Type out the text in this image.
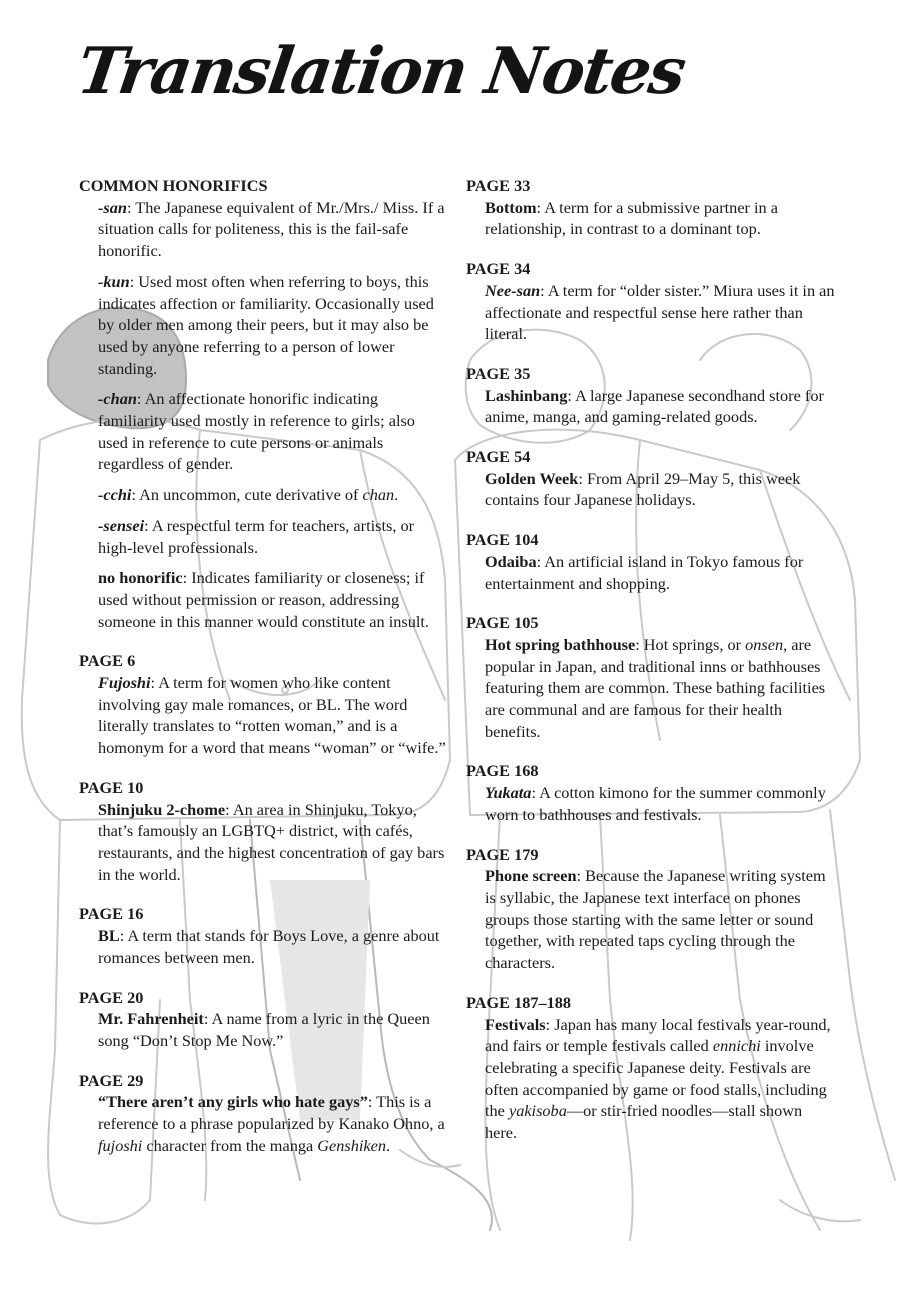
Translation Notes
COMMON HONORIFICS
-san: The Japanese equivalent of Mr./Mrs./ Miss. If a situation calls for politeness, this is the fail-safe honorific.
-kun: Used most often when referring to boys, this indicates affection or familiarity. Occasionally used by older men among their peers, but it may also be used by anyone referring to a person of lower standing.
-chan: An affectionate honorific indicating familiarity used mostly in reference to girls; also used in reference to cute persons or animals regardless of gender.
-cchi: An uncommon, cute derivative of chan.
-sensei: A respectful term for teachers, artists, or high-level professionals.
no honorific: Indicates familiarity or closeness; if used without permission or reason, addressing someone in this manner would constitute an insult.
PAGE 6
Fujoshi: A term for women who like content involving gay male romances, or BL. The word literally translates to “rotten woman,” and is a homonym for a word that means “woman” or “wife.”
PAGE 10
Shinjuku 2-chome: An area in Shinjuku, Tokyo, that’s famously an LGBTQ+ district, with cafés, restaurants, and the highest concentration of gay bars in the world.
PAGE 16
BL: A term that stands for Boys Love, a genre about romances between men.
PAGE 20
Mr. Fahrenheit: A name from a lyric in the Queen song “Don’t Stop Me Now.”
PAGE 29
“There aren’t any girls who hate gays”: This is a reference to a phrase popularized by Kanako Ohno, a fujoshi character from the manga Genshiken.
PAGE 33
Bottom: A term for a submissive partner in a relationship, in contrast to a dominant top.
PAGE 34
Nee-san: A term for “older sister.” Miura uses it in an affectionate and respectful sense here rather than literal.
PAGE 35
Lashinbang: A large Japanese secondhand store for anime, manga, and gaming-related goods.
PAGE 54
Golden Week: From April 29–May 5, this week contains four Japanese holidays.
PAGE 104
Odaiba: An artificial island in Tokyo famous for entertainment and shopping.
PAGE 105
Hot spring bathhouse: Hot springs, or onsen, are popular in Japan, and traditional inns or bathhouses featuring them are common. These bathing facilities are communal and are famous for their health benefits.
PAGE 168
Yukata: A cotton kimono for the summer commonly worn to bathhouses and festivals.
PAGE 179
Phone screen: Because the Japanese writing system is syllabic, the Japanese text interface on phones groups those starting with the same letter or sound together, with repeated taps cycling through the characters.
PAGE 187–188
Festivals: Japan has many local festivals year-round, and fairs or temple festivals called ennichi involve celebrating a specific Japanese deity. Festivals are often accompanied by game or food stalls, including the yakisoba—or stir-fried noodles—stall shown here.
